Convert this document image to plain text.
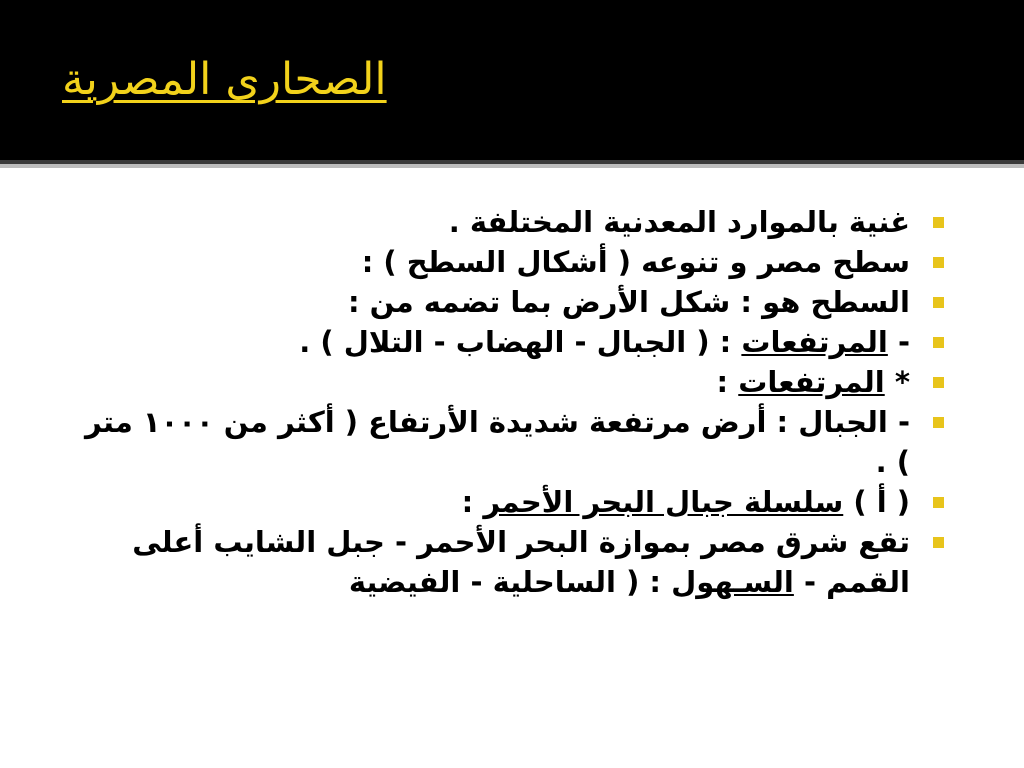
الصحارى المصرية
غنية بالموارد المعدنية المختلفة .
سطح مصر و تنوعه ( أشكال السطح ) :
السطح هو : شكل الأرض بما تضمه من :
- المرتفعات : ( الجبال - الهضاب - التلال ) .
* المرتفعات :
- الجبال : أرض مرتفعة شديدة الأرتفاع ( أكثر من ١٠٠٠ متر ) .
( أ ) سلسلة جبال البحر الأحمر :
تقع شرق مصر بموازة البحر الأحمر - جبل الشايب أعلى القمم - السـهول : ( الساحلية - الفيضية
